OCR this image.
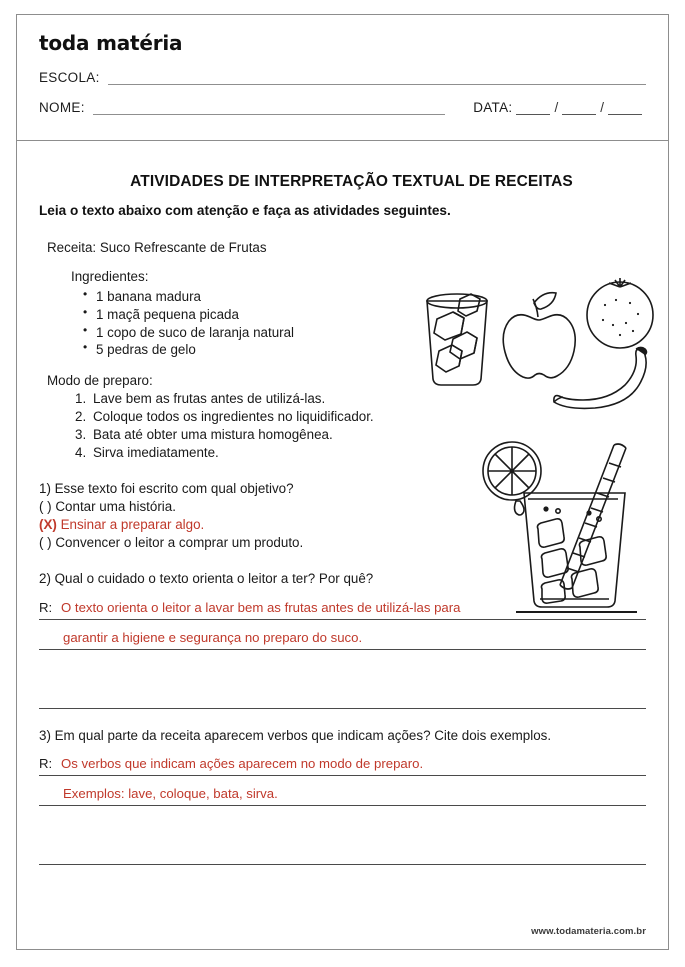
toda matéria
ESCOLA:
NOME:	DATA:	/	/
ATIVIDADES DE INTERPRETAÇÃO TEXTUAL DE RECEITAS
Leia o texto abaixo com atenção e faça as atividades seguintes.
Receita: Suco Refrescante de Frutas
Ingredientes:
• 1 banana madura
• 1 maçã pequena picada
• 1 copo de suco de laranja natural
• 5 pedras de gelo
Modo de preparo:
Lave bem as frutas antes de utilizá-las.
Coloque todos os ingredientes no liquidificador.
Bata até obter uma mistura homogênea.
Sirva imediatamente.
1) Esse texto foi escrito com qual objetivo?
( ) Contar uma história.
(X) Ensinar a preparar algo.
( ) Convencer o leitor a comprar um produto.
2) Qual o cuidado o texto orienta o leitor a ter? Por quê?
R: O texto orienta o leitor a lavar bem as frutas antes de utilizá-las para
garantir a higiene e segurança no preparo do suco.
3) Em qual parte da receita aparecem verbos que indicam ações? Cite dois exemplos.
R: Os verbos que indicam ações aparecem no modo de preparo.
Exemplos: lave, coloque, bata, sirva.
www.todamateria.com.br
